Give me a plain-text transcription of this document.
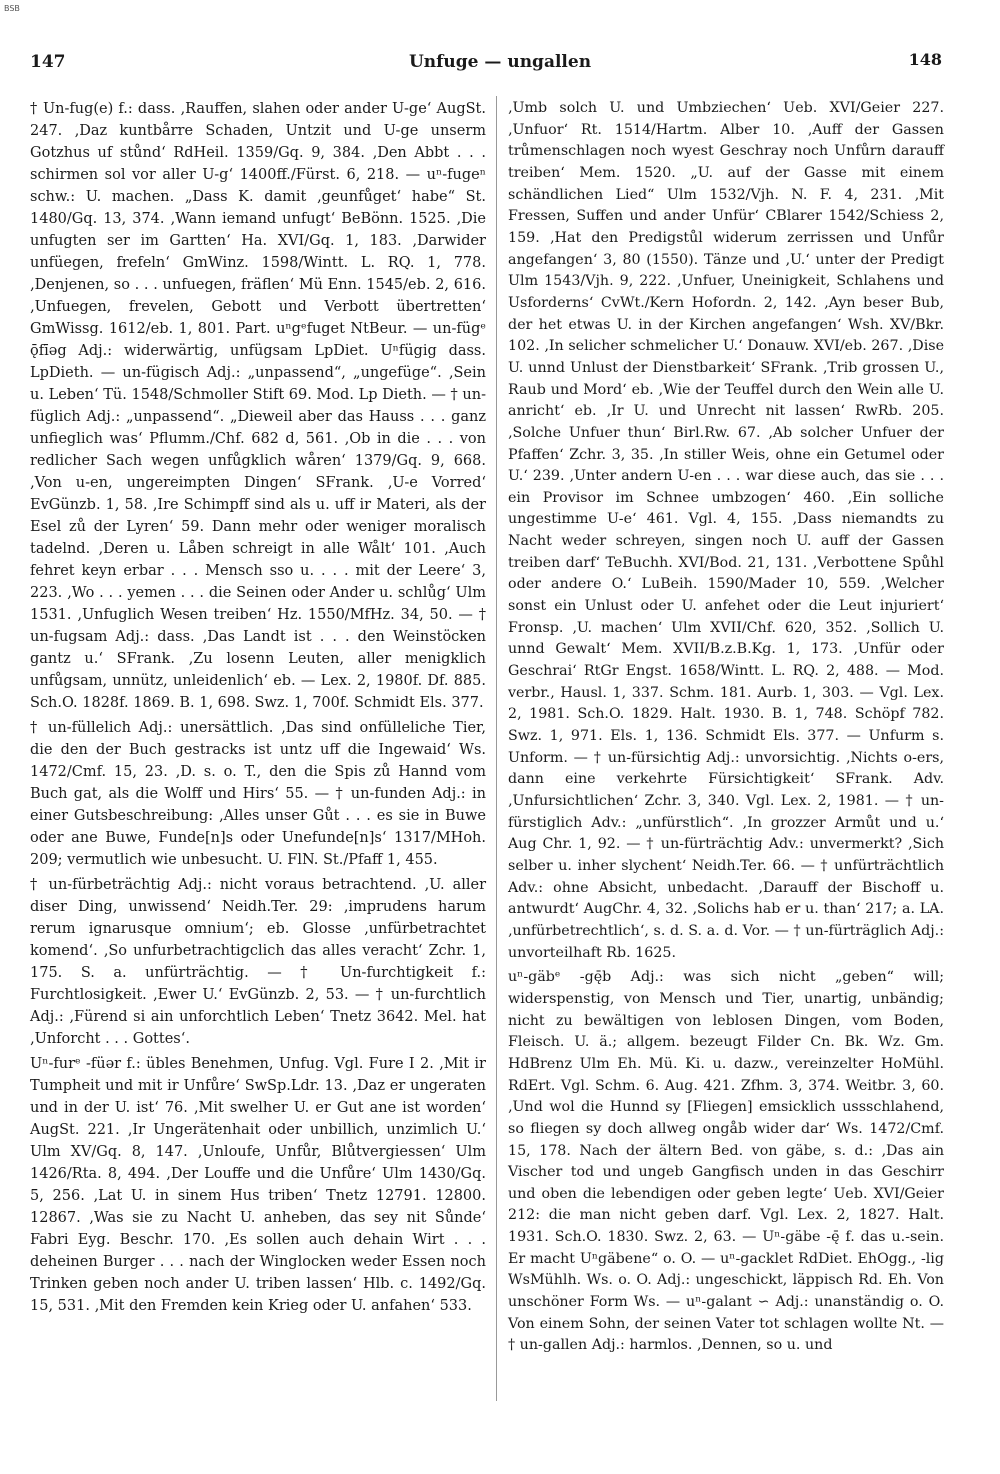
BSB
147	Unfuge — ungallen	148

† Un-fug(e) f.: dass. ‚Rauffen, slahen oder ander U-ge‘ AugSt. 247. ‚Daz kuntbårre Schaden, Untzit und U-ge unserm Gotzhus uf stůnd‘ RdHeil. 1359/Gq. 9, 384. ‚Den Abbt . . . schirmen sol vor aller U-g‘ 1400ff./Fürst. 6, 218. — uⁿ-fugeⁿ schw.: U. machen. „Dass K. damit ‚geunfůget‘ habe“ St. 1480/Gq. 13, 374. ‚Wann iemand unfugt‘ BeBönn. 1525. ‚Die unfugten ser im Gartten‘ Ha. XVI/Gq. 1, 183. ‚Darwider unfüegen, frefeln‘ GmWinz. 1598/Wintt. L. RQ. 1, 778. ‚Denjenen, so . . . unfuegen, fräflen‘ Mü Enn. 1545/eb. 2, 616. ‚Unfuegen, frevelen, Gebott und Verbott übertretten‘ GmWissg. 1612/eb. 1, 801. Part. uⁿgᵉfuget NtBeur. — un-fügᵉ ǭfīəg Adj.: widerwärtig, unfügsam LpDiet. Uⁿfügig dass. LpDieth. — un-fügisch Adj.: „unpassend“, „ungefüge“. ‚Sein u. Leben‘ Tü. 1548/Schmoller Stift 69. Mod. Lp Dieth. — † un-füglich Adj.: „unpassend“. „Dieweil aber das Hauss . . . ganz unfieglich was‘ Pflumm./Chf. 682 d, 561. ‚Ob in die . . . von redlicher Sach wegen unfůgklich wåren‘ 1379/Gq. 9, 668. ‚Von u-en, ungereimpten Dingen‘ SFrank. ‚U-e Vorred‘ EvGünzb. 1, 58. ‚Ire Schimpff sind als u. uff ir Materi, als der Esel zů der Lyren‘ 59. Dann mehr oder weniger moralisch tadelnd. ‚Deren u. Låben schreigt in alle Wålt‘ 101. ‚Auch fehret keyn erbar . . . Mensch sso u. . . . mit der Leere‘ 3, 223. ‚Wo . . . yemen . . . die Seinen oder Ander u. schlůg‘ Ulm 1531. ‚Unfuglich Wesen treiben‘ Hz. 1550/MfHz. 34, 50. — † un-fugsam Adj.: dass. ‚Das Landt ist . . . den Weinstöcken gantz u.‘ SFrank. ‚Zu losenn Leuten, aller menigklich unfůgsam, unnütz, unleidenlich‘ eb. — Lex. 2, 1980f. Df. 885. Sch.O. 1828f. 1869. B. 1, 698. Swz. 1, 700f. Schmidt Els. 377.

† un-füllelich Adj.: unersättlich. ‚Das sind onfülleliche Tier, die den der Buch gestracks ist untz uff die Ingewaid‘ Ws. 1472/Cmf. 15, 23. ‚D. s. o. T., den die Spis zů Hannd vom Buch gat, als die Wolff und Hirs‘ 55. — † un-funden Adj.: in einer Gutsbeschreibung: ‚Alles unser Gůt . . . es sie in Buwe oder ane Buwe, Funde[n]s oder Unefunde[n]s‘ 1317/MHoh. 209; vermutlich wie unbesucht. U. FlN. St./Pfaff 1, 455.

† un-fürbeträchtig Adj.: nicht voraus betrachtend. ‚U. aller diser Ding, unwissend‘ Neidh.Ter. 29: ‚imprudens harum rerum ignarusque omnium‘; eb. Glosse ‚unfürbetrachtet komend‘. ‚So unfurbetrachtigclich das alles veracht‘ Zchr. 1, 175. S. a. unfürträchtig. — † Un-furchtigkeit f.: Furchtlosigkeit. ‚Ewer U.‘ EvGünzb. 2, 53. — † un-furchtlich Adj.: ‚Fürend si ain unforchtlich Leben‘ Tnetz 3642. Mel. hat ‚Unforcht . . . Gottes‘.

Uⁿ-furᵉ -füər f.: übles Benehmen, Unfug. Vgl. Fure I 2. ‚Mit ir Tumpheit und mit ir Unfůre‘ SwSp.Ldr. 13. ‚Daz er ungeraten und in der U. ist‘ 76. ‚Mit swelher U. er Gut ane ist worden‘ AugSt. 221. ‚Ir Ungerätenhait oder unbillich, unzimlich U.‘ Ulm XV/Gq. 8, 147. ‚Unloufe, Unfůr, Blůtvergiessen‘ Ulm 1426/Rta. 8, 494. ‚Der Louffe und die Unfůre‘ Ulm 1430/Gq. 5, 256. ‚Lat U. in sinem Hus triben‘ Tnetz 12791. 12800. 12867. ‚Was sie zu Nacht U. anheben, das sey nit Sůnde‘ Fabri Eyg. Beschr. 170. ‚Es sollen auch dehain Wirt . . . deheinen Burger . . . nach der Winglocken weder Essen noch Trinken geben noch ander U. triben lassen‘ Hlb. c. 1492/Gq. 15, 531. ‚Mit den Fremden kein Krieg oder U. anfahen‘ 533.

‚Umb solch U. und Umbziechen‘ Ueb. XVI/Geier 227. ‚Unfuor‘ Rt. 1514/Hartm. Alber 10. ‚Auff der Gassen trůmenschlagen noch wyest Geschray noch Unfůrn darauff treiben‘ Mem. 1520. „U. auf der Gasse mit einem schändlichen Lied“ Ulm 1532/Vjh. N. F. 4, 231. ‚Mit Fressen, Suffen und ander Unfür‘ CBlarer 1542/Schiess 2, 159. ‚Hat den Predigstůl widerum zerrissen und Unfůr angefangen‘ 3, 80 (1550). Tänze und ‚U.‘ unter der Predigt Ulm 1543/Vjh. 9, 222. ‚Unfuer, Uneinigkeit, Schlahens und Usforderns‘ CvWt./Kern Hofordn. 2, 142. ‚Ayn beser Bub, der het etwas U. in der Kirchen angefangen‘ Wsh. XV/Bkr. 102. ‚In selicher schmelicher U.‘ Donauw. XVI/eb. 267. ‚Dise U. unnd Unlust der Dienstbarkeit‘ SFrank. ‚Trib grossen U., Raub und Mord‘ eb. ‚Wie der Teuffel durch den Wein alle U. anricht‘ eb. ‚Ir U. und Unrecht nit lassen‘ RwRb. 205. ‚Solche Unfuer thun‘ Birl.Rw. 67. ‚Ab solcher Unfuer der Pfaffen‘ Zchr. 3, 35. ‚In stiller Weis, ohne ein Getumel oder U.‘ 239. ‚Unter andern U-en . . . war diese auch, das sie . . . ein Provisor im Schnee umbzogen‘ 460. ‚Ein solliche ungestimme U-e‘ 461. Vgl. 4, 155. ‚Dass niemandts zu Nacht weder schreyen, singen noch U. auff der Gassen treiben darf‘ TeBuchh. XVI/Bod. 21, 131. ‚Verbottene Spůhl oder andere O.‘ LuBeih. 1590/Mader 10, 559. ‚Welcher sonst ein Unlust oder U. anfehet oder die Leut injuriert‘ Fronsp. ‚U. machen‘ Ulm XVII/Chf. 620, 352. ‚Sollich U. unnd Gewalt‘ Mem. XVII/B.z.B.Kg. 1, 173. ‚Unfür oder Geschrai‘ RtGr Engst. 1658/Wintt. L. RQ. 2, 488. — Mod. verbr., Hausl. 1, 337. Schm. 181. Aurb. 1, 303. — Vgl. Lex. 2, 1981. Sch.O. 1829. Halt. 1930. B. 1, 748. Schöpf 782. Swz. 1, 971. Els. 1, 136. Schmidt Els. 377. — Unfurm s. Unform. — † un-fürsichtig Adj.: unvorsichtig. ‚Nichts o-ers, dann eine verkehrte Fürsichtigkeit‘ SFrank. Adv. ‚Unfursichtlichen‘ Zchr. 3, 340. Vgl. Lex. 2, 1981. — † un-fürstiglich Adv.: „unfürstlich“. ‚In grozzer Armůt und u.‘ Aug Chr. 1, 92. — † un-fürträchtig Adv.: unvermerkt? ‚Sich selber u. inher slychent‘ Neidh.Ter. 66. — † unfürträchtlich Adv.: ohne Absicht, unbedacht. ‚Darauff der Bischoff u. antwurdt‘ AugChr. 4, 32. ‚Solichs hab er u. than‘ 217; a. LA. ‚unfürbetrechtlich‘, s. d. S. a. d. Vor. — † un-fürträglich Adj.: unvorteilhaft Rb. 1625.

uⁿ-gäbᵉ -gę̄b Adj.: was sich nicht „geben“ will; widerspenstig, von Mensch und Tier, unartig, unbändig; nicht zu bewältigen von leblosen Dingen, vom Boden, Fleisch. U. ä.; allgem. bezeugt Filder Cn. Bk. Wz. Gm. HdBrenz Ulm Eh. Mü. Ki. u. dazw., vereinzelter HoMühl. RdErt. Vgl. Schm. 6. Aug. 421. Zfhm. 3, 374. Weitbr. 3, 60. ‚Und wol die Hunnd sy [Fliegen] emsicklich ussschlahend, so fliegen sy doch allweg ongåb wider dar‘ Ws. 1472/Cmf. 15, 178. Nach der ältern Bed. von gäbe, s. d.: ‚Das ain Vischer tod und ungeb Gangfisch unden in das Geschirr und oben die lebendigen oder geben legte‘ Ueb. XVI/Geier 212: die man nicht geben darf. Vgl. Lex. 2, 1827. Halt. 1931. Sch.O. 1830. Swz. 2, 63. — Uⁿ-gäbe -ę̄ f. das u.-sein. Er macht Uⁿgäbene“ o. O. — uⁿ-gacklet RdDiet. EhOgg., -lig WsMühlh. Ws. o. O. Adj.: ungeschickt, läppisch Rd. Eh. Von unschöner Form Ws. — uⁿ-galant ∽ Adj.: unanständig o. O. Von einem Sohn, der seinen Vater tot schlagen wollte Nt. — † un-gallen Adj.: harmlos. ‚Dennen, so u. und
